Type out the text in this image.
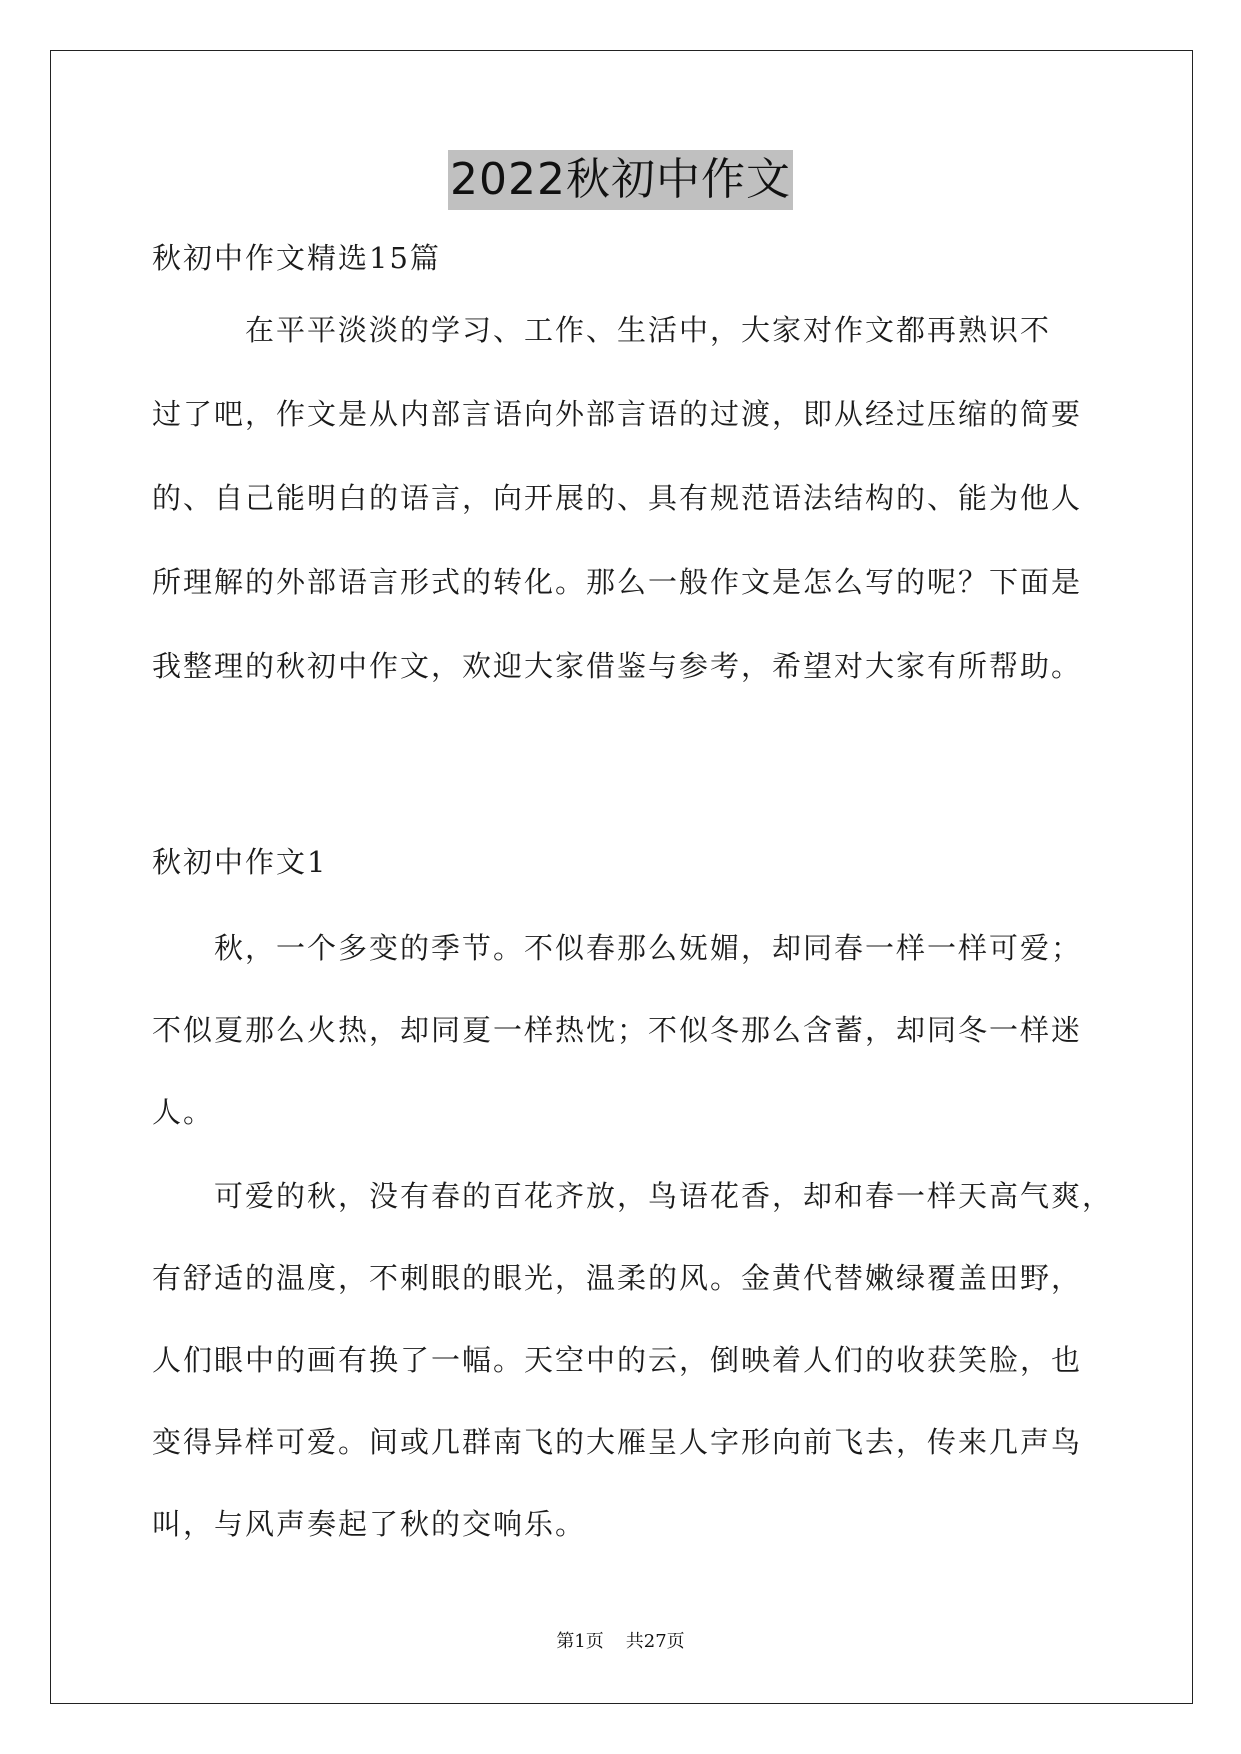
2022秋初中作文
秋初中作文精选15篇
　　　在平平淡淡的学习、工作、生活中，大家对作文都再熟识不
过了吧，作文是从内部言语向外部言语的过渡，即从经过压缩的简要
的、自己能明白的语言，向开展的、具有规范语法结构的、能为他人
所理解的外部语言形式的转化。那么一般作文是怎么写的呢？下面是
我整理的秋初中作文，欢迎大家借鉴与参考，希望对大家有所帮助。
秋初中作文1
　　秋，一个多变的季节。不似春那么妩媚，却同春一样一样可爱；
不似夏那么火热，却同夏一样热忱；不似冬那么含蓄，却同冬一样迷
人。
　　可爱的秋，没有春的百花齐放，鸟语花香，却和春一样天高气爽，
有舒适的温度，不刺眼的眼光，温柔的风。金黄代替嫩绿覆盖田野，
人们眼中的画有换了一幅。天空中的云，倒映着人们的收获笑脸，也
变得异样可爱。间或几群南飞的大雁呈人字形向前飞去，传来几声鸟
叫，与风声奏起了秋的交响乐。
第1页 共27页
